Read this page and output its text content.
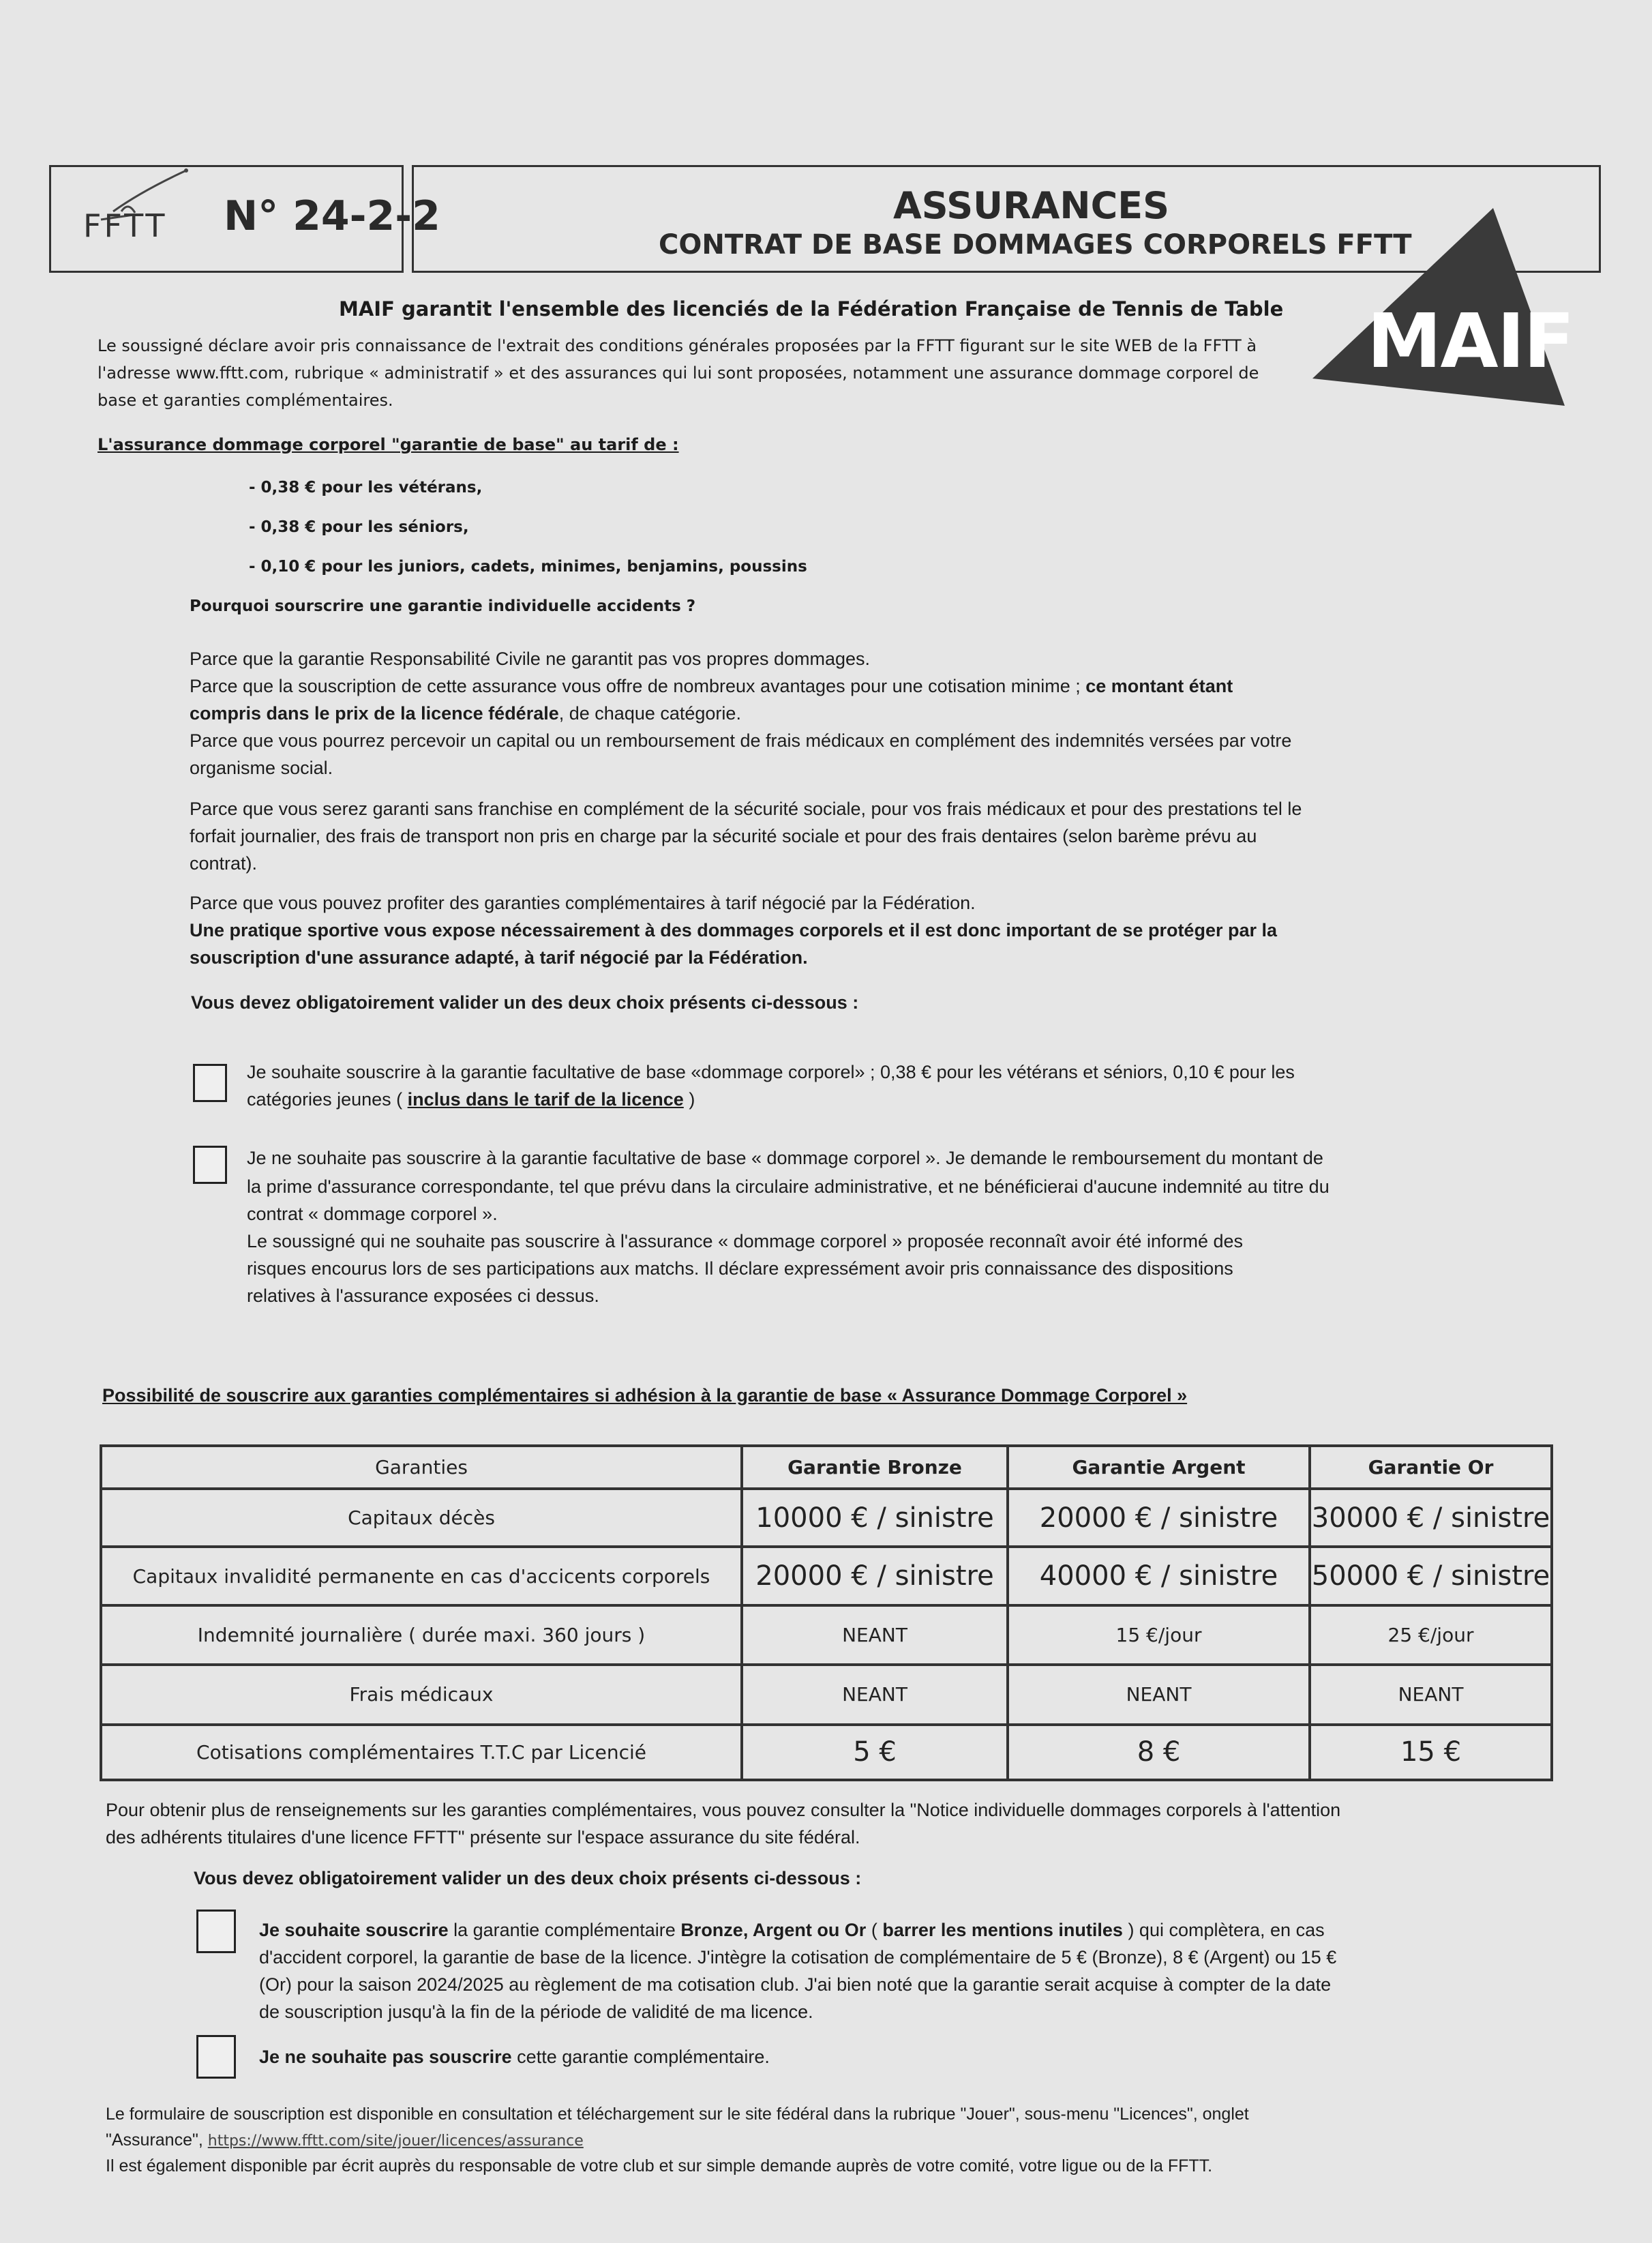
FFTT N° 24-2-2	ASSURANCES
CONTRAT DE BASE DOMMAGES CORPORELS FFTT
MAIF
MAIF garantit l'ensemble des licenciés de la Fédération Française de Tennis de Table
Le soussigné déclare avoir pris connaissance de l'extrait des conditions générales proposées par la FFTT figurant sur le site WEB de la FFTT à
l'adresse www.fftt.com, rubrique « administratif » et des assurances qui lui sont proposées, notamment une assurance dommage corporel de
base et garanties complémentaires.
L'assurance dommage corporel "garantie de base" au tarif de :
- 0,38 € pour les vétérans,
- 0,38 € pour les séniors,
- 0,10 € pour les juniors, cadets, minimes, benjamins, poussins
Pourquoi sourscrire une garantie individuelle accidents ?
Parce que la garantie Responsabilité Civile ne garantit pas vos propres dommages.
Parce que la souscription de cette assurance vous offre de nombreux avantages pour une cotisation minime ; ce montant étant
compris dans le prix de la licence fédérale, de chaque catégorie.
Parce que vous pourrez percevoir un capital ou un remboursement de frais médicaux en complément des indemnités versées par votre
organisme social.
Parce que vous serez garanti sans franchise en complément de la sécurité sociale, pour vos frais médicaux et pour des prestations tel le
forfait journalier, des frais de transport non pris en charge par la sécurité sociale et pour des frais dentaires (selon barème prévu au
contrat).
Parce que vous pouvez profiter des garanties complémentaires à tarif négocié par la Fédération.
Une pratique sportive vous expose nécessairement à des dommages corporels et il est donc important de se protéger par la
souscription d'une assurance adapté, à tarif négocié par la Fédération.
Vous devez obligatoirement valider un des deux choix présents ci-dessous :
Je souhaite souscrire à la garantie facultative de base «dommage corporel» ; 0,38 € pour les vétérans et séniors, 0,10 € pour les
catégories jeunes ( inclus dans le tarif de la licence )
Je ne souhaite pas souscrire à la garantie facultative de base « dommage corporel ». Je demande le remboursement du montant de
la prime d'assurance correspondante, tel que prévu dans la circulaire administrative, et ne bénéficierai d'aucune indemnité au titre du
contrat « dommage corporel ».
Le soussigné qui ne souhaite pas souscrire à l'assurance « dommage corporel » proposée reconnaît avoir été informé des
risques encourus lors de ses participations aux matchs. Il déclare expressément avoir pris connaissance des dispositions
relatives à l'assurance exposées ci dessus.
Possibilité de souscrire aux garanties complémentaires si adhésion à la garantie de base « Assurance Dommage Corporel »
Garanties	Garantie Bronze	Garantie Argent	Garantie Or
Capitaux décès	10000 € / sinistre	20000 € / sinistre	30000 € / sinistre
Capitaux invalidité permanente en cas d'accicents corporels	20000 € / sinistre	40000 € / sinistre	50000 € / sinistre
Indemnité journalière ( durée maxi. 360 jours )	NEANT	15 €/jour	25 €/jour
Frais médicaux	NEANT	NEANT	NEANT
Cotisations complémentaires T.T.C par Licencié	5 €	8 €	15 €
Pour obtenir plus de renseignements sur les garanties complémentaires, vous pouvez consulter la "Notice individuelle dommages corporels à l'attention
des adhérents titulaires d'une licence FFTT" présente sur l'espace assurance du site fédéral.
Vous devez obligatoirement valider un des deux choix présents ci-dessous :
Je souhaite souscrire la garantie complémentaire Bronze, Argent ou Or ( barrer les mentions inutiles ) qui complètera, en cas
d'accident corporel, la garantie de base de la licence. J'intègre la cotisation de complémentaire de 5 € (Bronze), 8 € (Argent) ou 15 €
(Or) pour la saison 2024/2025 au règlement de ma cotisation club. J'ai bien noté que la garantie serait acquise à compter de la date
de souscription jusqu'à la fin de la période de validité de ma licence.
Je ne souhaite pas souscrire cette garantie complémentaire.
Le formulaire de souscription est disponible en consultation et téléchargement sur le site fédéral dans la rubrique "Jouer", sous-menu "Licences", onglet
"Assurance", https://www.fftt.com/site/jouer/licences/assurance
Il est également disponible par écrit auprès du responsable de votre club et sur simple demande auprès de votre comité, votre ligue ou de la FFTT.
